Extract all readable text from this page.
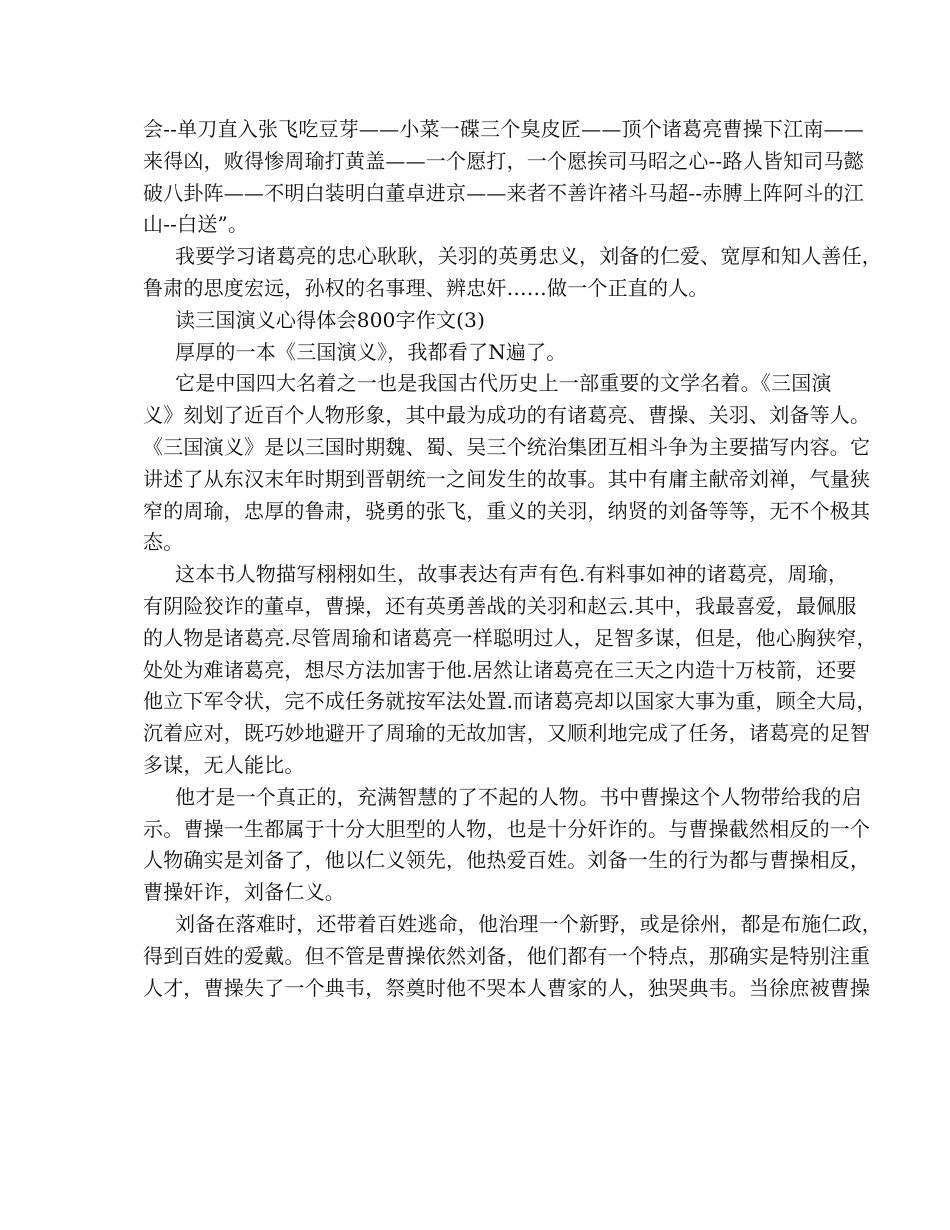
会--单刀直入张飞吃豆芽——小菜一碟三个臭皮匠——顶个诸葛亮曹操下江南——
来得凶，败得惨周瑜打黄盖——一个愿打，一个愿挨司马昭之心--路人皆知司马懿
破八卦阵——不明白装明白董卓进京——来者不善许褚斗马超--赤膊上阵阿斗的江
山--白送”。
我要学习诸葛亮的忠心耿耿，关羽的英勇忠义，刘备的仁爱、宽厚和知人善任，
鲁肃的思度宏远，孙权的名事理、辨忠奸……做一个正直的人。
读三国演义心得体会800字作文(3)
厚厚的一本《三国演义》，我都看了N遍了。
它是中国四大名着之一也是我国古代历史上一部重要的文学名着。《三国演
义》刻划了近百个人物形象，其中最为成功的有诸葛亮、曹操、关羽、刘备等人。
《三国演义》是以三国时期魏、蜀、吴三个统治集团互相斗争为主要描写内容。它
讲述了从东汉末年时期到晋朝统一之间发生的故事。其中有庸主献帝刘禅，气量狭
窄的周瑜，忠厚的鲁肃，骁勇的张飞，重义的关羽，纳贤的刘备等等，无不个极其
态。
这本书人物描写栩栩如生，故事表达有声有色.有料事如神的诸葛亮，周瑜，
有阴险狡诈的董卓，曹操，还有英勇善战的关羽和赵云.其中，我最喜爱，最佩服
的人物是诸葛亮.尽管周瑜和诸葛亮一样聪明过人，足智多谋，但是，他心胸狭窄，
处处为难诸葛亮，想尽方法加害于他.居然让诸葛亮在三天之内造十万枝箭，还要
他立下军令状，完不成任务就按军法处置.而诸葛亮却以国家大事为重，顾全大局，
沉着应对，既巧妙地避开了周瑜的无故加害，又顺利地完成了任务，诸葛亮的足智
多谋，无人能比。
他才是一个真正的，充满智慧的了不起的人物。书中曹操这个人物带给我的启
示。曹操一生都属于十分大胆型的人物，也是十分奸诈的。与曹操截然相反的一个
人物确实是刘备了，他以仁义领先，他热爱百姓。刘备一生的行为都与曹操相反，
曹操奸诈，刘备仁义。
刘备在落难时，还带着百姓逃命，他治理一个新野，或是徐州，都是布施仁政，
得到百姓的爱戴。但不管是曹操依然刘备，他们都有一个特点，那确实是特别注重
人才，曹操失了一个典韦，祭奠时他不哭本人曹家的人，独哭典韦。当徐庶被曹操
